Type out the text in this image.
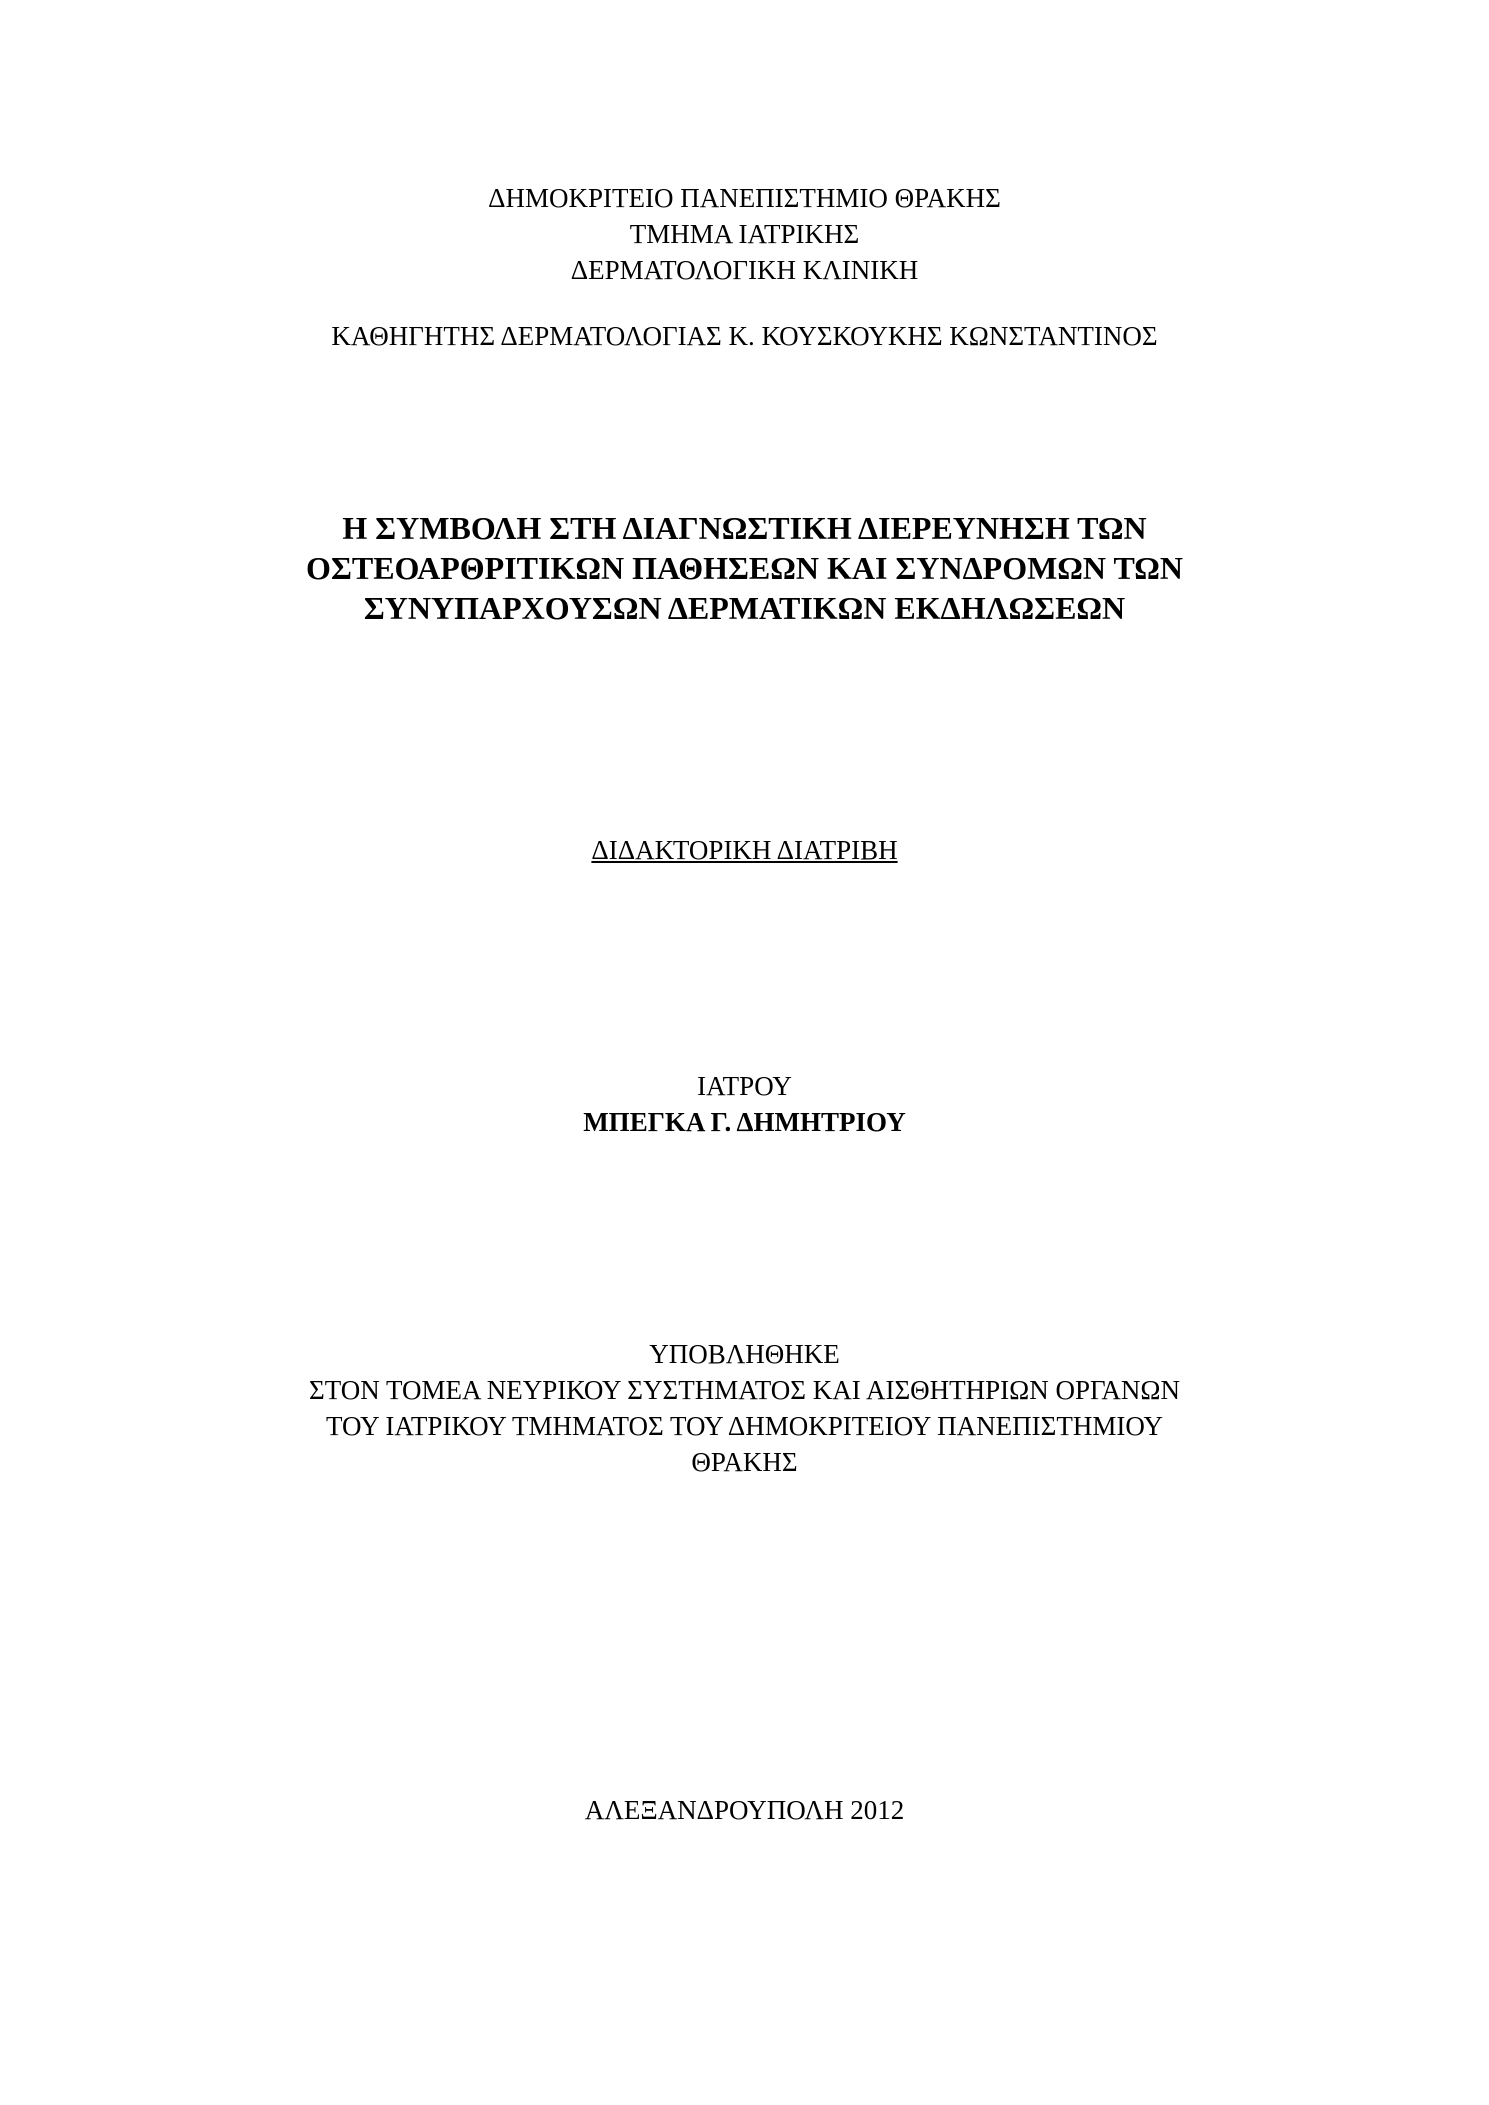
ΔΗΜΟΚΡΙΤΕΙΟ ΠΑΝΕΠΙΣΤΗΜΙΟ ΘΡΑΚΗΣ
ΤΜΗΜΑ ΙΑΤΡΙΚΗΣ
ΔΕΡΜΑΤΟΛΟΓΙΚΗ ΚΛΙΝΙΚΗ
ΚΑΘΗΓΗΤΗΣ ΔΕΡΜΑΤΟΛΟΓΙΑΣ Κ. ΚΟΥΣΚΟΥΚΗΣ ΚΩΝΣΤΑΝΤΙΝΟΣ
Η ΣΥΜΒΟΛΗ ΣΤΗ ΔΙΑΓΝΩΣΤΙΚΗ ΔΙΕΡΕΥΝΗΣΗ ΤΩΝ
ΟΣΤΕΟΑΡΘΡΙΤΙΚΩΝ ΠΑΘΗΣΕΩΝ ΚΑΙ ΣΥΝΔΡΟΜΩΝ ΤΩΝ
ΣΥΝΥΠΑΡΧΟΥΣΩΝ ΔΕΡΜΑΤΙΚΩΝ ΕΚΔΗΛΩΣΕΩΝ
ΔΙΔΑΚΤΟΡΙΚΗ ΔΙΑΤΡΙΒΗ
ΙΑΤΡΟΥ
ΜΠΕΓΚΑ Γ. ΔΗΜΗΤΡΙΟΥ
ΥΠΟΒΛΗΘΗΚΕ
ΣΤΟΝ ΤΟΜΕΑ ΝΕΥΡΙΚΟΥ ΣΥΣΤΗΜΑΤΟΣ ΚΑΙ ΑΙΣΘΗΤΗΡΙΩΝ ΟΡΓΑΝΩΝ
ΤΟΥ ΙΑΤΡΙΚΟΥ ΤΜΗΜΑΤΟΣ ΤΟΥ ΔΗΜΟΚΡΙΤΕΙΟΥ ΠΑΝΕΠΙΣΤΗΜΙΟΥ
ΘΡΑΚΗΣ
ΑΛΕΞΑΝΔΡΟΥΠΟΛΗ 2012
